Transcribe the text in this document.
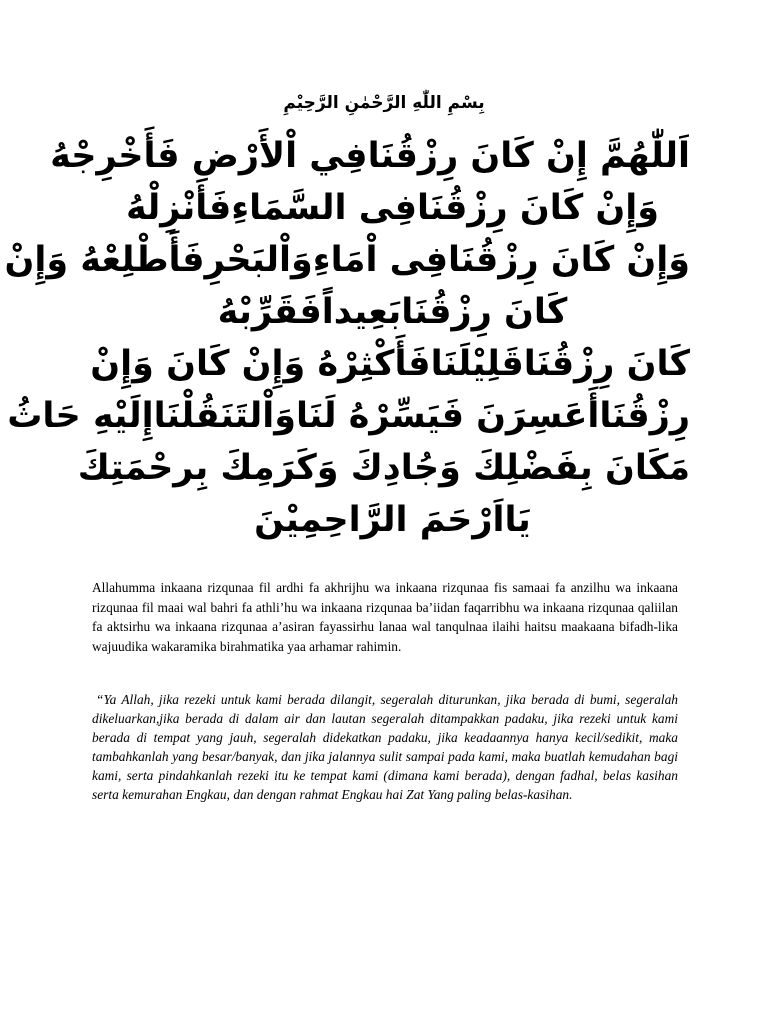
بِسْمِ اللّٰهِ الرَّحْمٰنِ الرَّحِيْمِ
اَللّٰهُمَّ إِنْ كَانَ رِزْقُنَافِي اْلأَرْضِ فَأَخْرِجْهُ
وَإِنْ كَانَ رِزْقُنَافِى السَّمَاءِفَأَنْزِلْهُ
وَإِنْ كَانَ رِزْقُنَافِى اْمَاءِوَاْلبَحْرِفَأَطْلِعْهُ وَإِنْ
كَانَ رِزْقُنَابَعِيداًفَقَرِّبْهُ
كَانَ رِزْقُنَاقَلِيْلَنَافَأَكْثِرْهُ وَإِنْ كَانَ وَإِنْ
رِزْقُنَاأَعَسِرَنَ فَيَسِّرْهُ لَنَاوَاْلتَنَقُلْنَاإِلَيْهِ حَاثُ
مَكَانَ بِفَضْلِكَ وَجُادِكَ وَكَرَمِكَ بِرحْمَتِكَ
يَااَرْحَمَ الرَّاحِمِيْنَ

Allahumma inkaana rizqunaa fil ardhi fa akhrijhu wa inkaana rizqunaa fis samaai fa anzilhu wa inkaana rizqunaa fil maai wal bahri fa athli’hu wa inkaana rizqunaa ba’iidan faqarribhu wa inkaana rizqunaa qaliilan fa aktsirhu wa inkaana rizqunaa a’asiran fayassirhu lanaa wal tanqulnaa ilaihi haitsu maakaana bifadh-lika wajuudika wakaramika birahmatika yaa arhamar rahimin.

“Ya Allah, jika rezeki untuk kami berada dilangit, segeralah diturunkan, jika berada di bumi, segeralah dikeluarkan,jika berada di dalam air dan lautan segeralah ditampakkan padaku, jika rezeki untuk kami berada di tempat yang jauh, segeralah didekatkan padaku, jika keadaannya hanya kecil/sedikit, maka tambahkanlah yang besar/banyak, dan jika jalannya sulit sampai pada kami, maka buatlah kemudahan bagi kami, serta pindahkanlah rezeki itu ke tempat kami (dimana kami berada), dengan fadhal, belas kasihan serta kemurahan Engkau, dan dengan rahmat Engkau hai Zat Yang paling belas-kasihan.
